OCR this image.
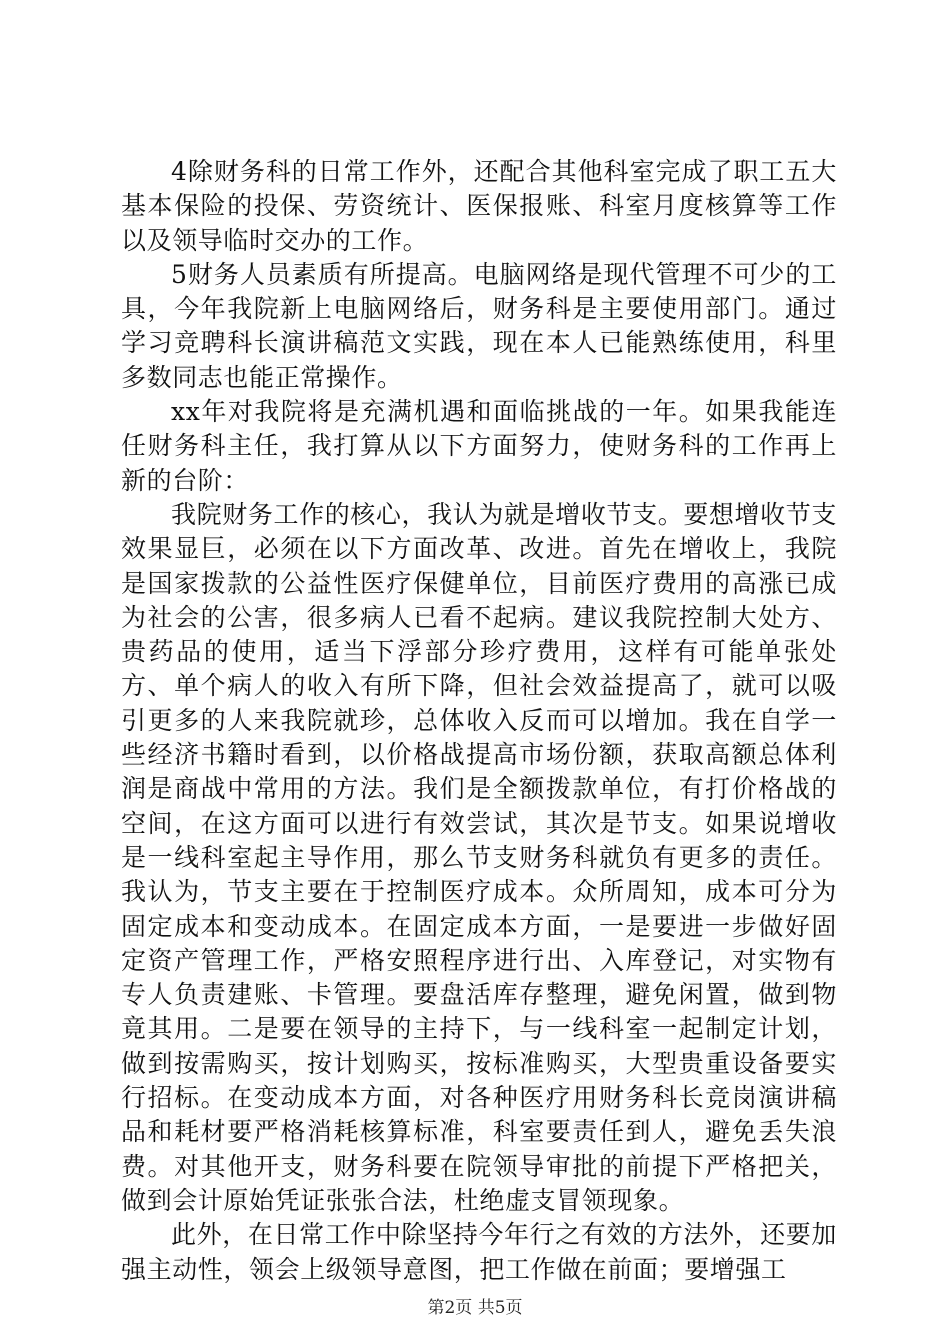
4除财务科的日常工作外，还配合其他科室完成了职工五大基本保险的投保、劳资统计、医保报账、科室月度核算等工作以及领导临时交办的工作。

5财务人员素质有所提高。电脑网络是现代管理不可少的工具，今年我院新上电脑网络后，财务科是主要使用部门。通过学习竞聘科长演讲稿范文实践，现在本人已能熟练使用，科里多数同志也能正常操作。

xx年对我院将是充满机遇和面临挑战的一年。如果我能连任财务科主任，我打算从以下方面努力，使财务科的工作再上新的台阶：

我院财务工作的核心，我认为就是增收节支。要想增收节支效果显巨，必须在以下方面改革、改进。首先在增收上，我院是国家拨款的公益性医疗保健单位，目前医疗费用的高涨已成为社会的公害，很多病人已看不起病。建议我院控制大处方、贵药品的使用，适当下浮部分珍疗费用，这样有可能单张处方、单个病人的收入有所下降，但社会效益提高了，就可以吸引更多的人来我院就珍，总体收入反而可以增加。我在自学一些经济书籍时看到，以价格战提高市场份额，获取高额总体利润是商战中常用的方法。我们是全额拨款单位，有打价格战的空间，在这方面可以进行有效尝试，其次是节支。如果说增收是一线科室起主导作用，那么节支财务科就负有更多的责任。我认为，节支主要在于控制医疗成本。众所周知，成本可分为固定成本和变动成本。在固定成本方面，一是要进一步做好固定资产管理工作，严格安照程序进行出、入库登记，对实物有专人负责建账、卡管理。要盘活库存整理，避免闲置，做到物竟其用。二是要在领导的主持下，与一线科室一起制定计划，做到按需购买，按计划购买，按标准购买，大型贵重设备要实行招标。在变动成本方面，对各种医疗用财务科长竞岗演讲稿品和耗材要严格消耗核算标准，科室要责任到人，避免丢失浪费。对其他开支，财务科要在院领导审批的前提下严格把关，做到会计原始凭证张张合法，杜绝虚支冒领现象。

此外，在日常工作中除坚持今年行之有效的方法外，还要加强主动性，领会上级领导意图，把工作做在前面；要增强工

第2页 共5页
